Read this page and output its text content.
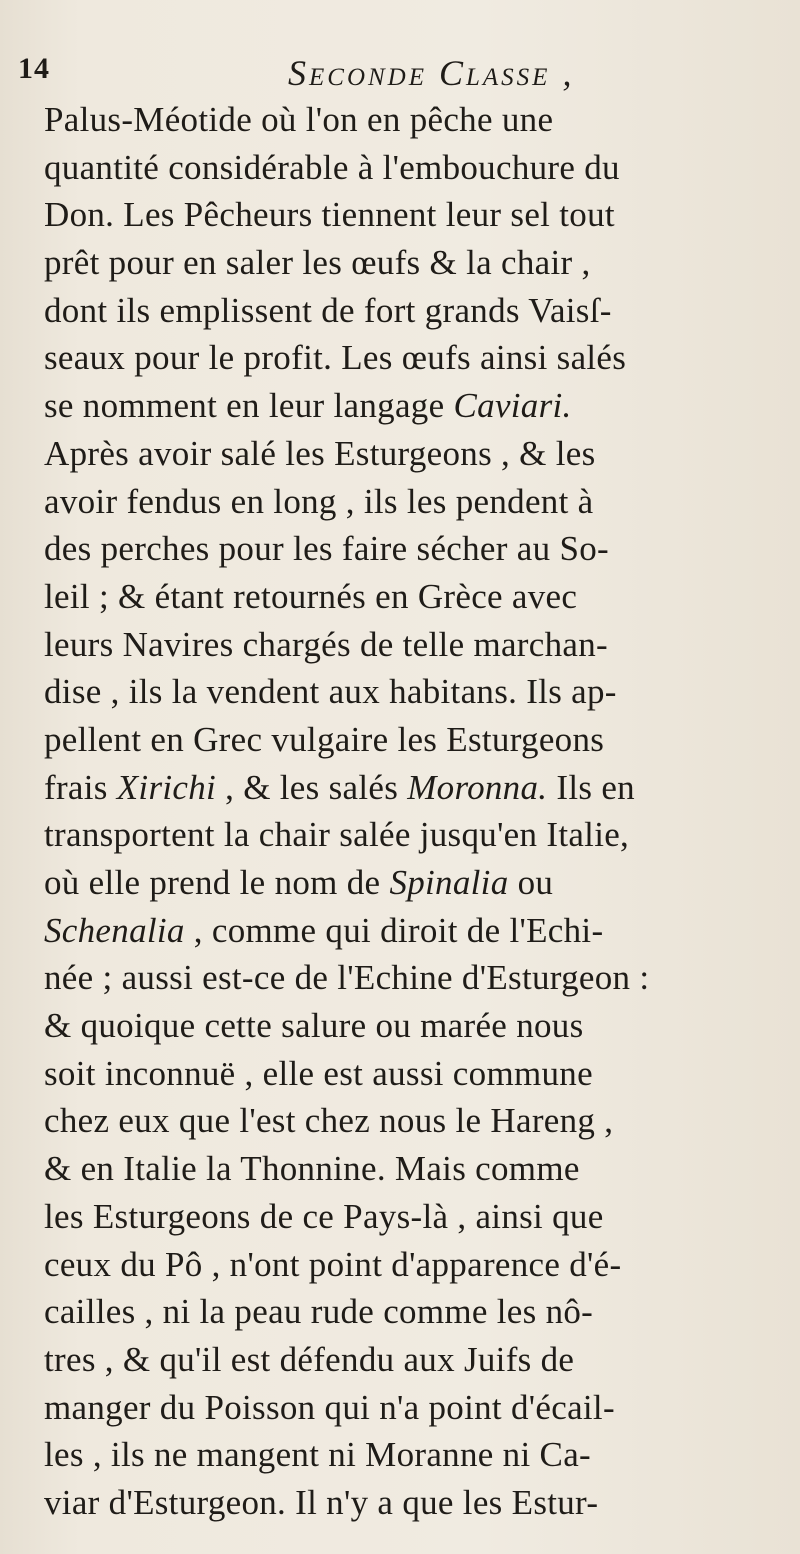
14	Seconde Classe ,
Palus-Méotide où l'on en pêche une
quantité considérable à l'embouchure du
Don. Les Pêcheurs tiennent leur sel tout
prêt pour en saler les œufs & la chair ,
dont ils emplissent de fort grands Vaisſ-
seaux pour le profit. Les œufs ainsi salés
se nomment en leur langage Caviari.
Après avoir salé les Esturgeons , & les
avoir fendus en long , ils les pendent à
des perches pour les faire sécher au So-
leil ; & étant retournés en Grèce avec
leurs Navires chargés de telle marchan-
dise , ils la vendent aux habitans. Ils ap-
pellent en Grec vulgaire les Esturgeons
frais Xirichi , & les salés Moronna. Ils en
transportent la chair salée jusqu'en Italie,
où elle prend le nom de Spinalia ou
Schenalia , comme qui diroit de l'Echi-
née ; aussi est-ce de l'Echine d'Esturgeon :
& quoique cette salure ou marée nous
soit inconnuë , elle est aussi commune
chez eux que l'est chez nous le Hareng ,
& en Italie la Thonnine. Mais comme
les Esturgeons de ce Pays-là , ainsi que
ceux du Pô , n'ont point d'apparence d'é-
cailles , ni la peau rude comme les nô-
tres , & qu'il est défendu aux Juifs de
manger du Poisson qui n'a point d'écail-
les , ils ne mangent ni Moranne ni Ca-
viar d'Esturgeon. Il n'y a que les Estur-
